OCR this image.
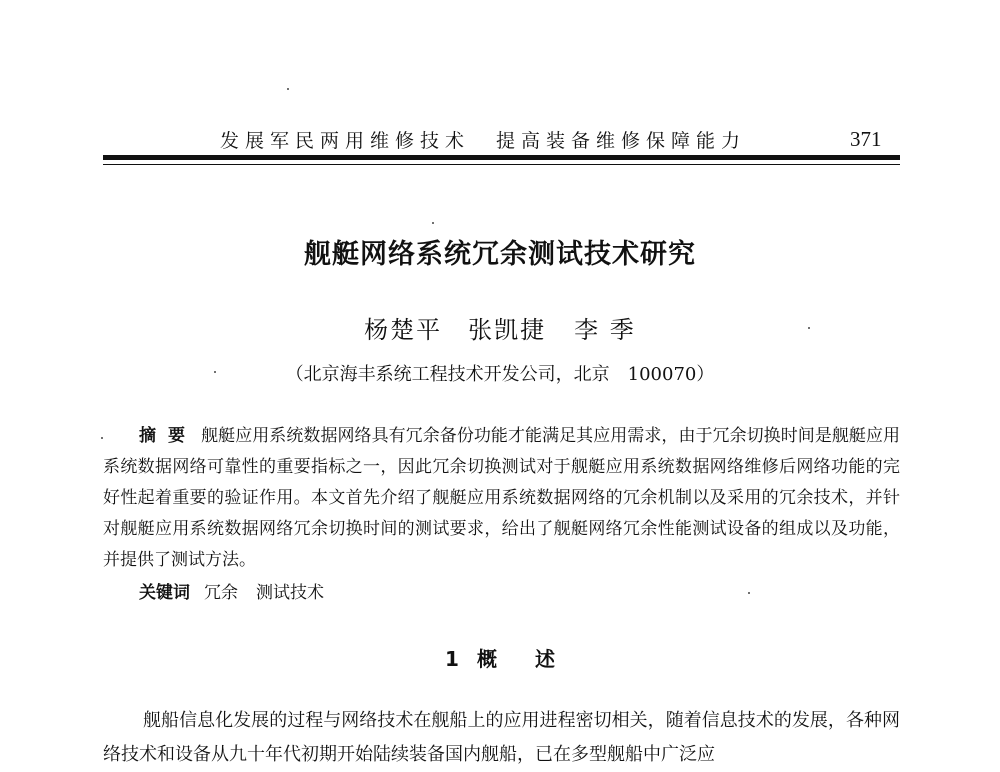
发展军民两用维修技术 提高装备维修保障能力	371
舰艇网络系统冗余测试技术研究
杨楚平 张凯捷 李 季
（北京海丰系统工程技术开发公司，北京　100070）
摘要 舰艇应用系统数据网络具有冗余备份功能才能满足其应用需求，由于冗余切换时间是舰艇应用系统数据网络可靠性的重要指标之一，因此冗余切换测试对于舰艇应用系统数据网络维修后网络功能的完好性起着重要的验证作用。本文首先介绍了舰艇应用系统数据网络的冗余机制以及采用的冗余技术，并针对舰艇应用系统数据网络冗余切换时间的测试要求，给出了舰艇网络冗余性能测试设备的组成以及功能，并提供了测试方法。
关键词 冗余 测试技术
1 概 述
舰船信息化发展的过程与网络技术在舰船上的应用进程密切相关，随着信息技术的发展，各种网络技术和设备从九十年代初期开始陆续装备国内舰船，已在多型舰船中广泛应
